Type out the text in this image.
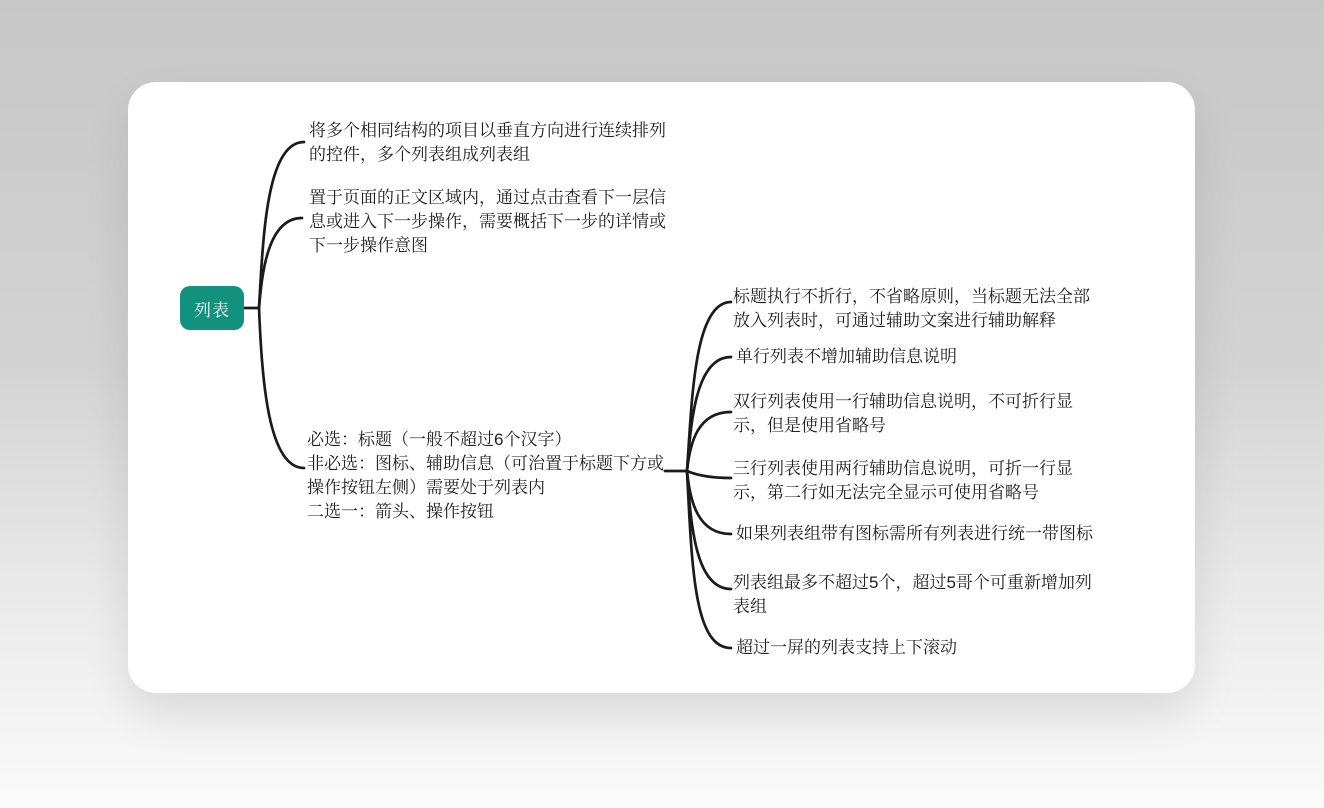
列表
将多个相同结构的项目以垂直方向进行连续排列
的控件，多个列表组成列表组
置于页面的正文区域内，通过点击查看下一层信
息或进入下一步操作，需要概括下一步的详情或
下一步操作意图
必选：标题（一般不超过6个汉字）
非必选：图标、辅助信息（可治置于标题下方或
操作按钮左侧）需要处于列表内
二选一：箭头、操作按钮
标题执行不折行，不省略原则，当标题无法全部
放入列表时，可通过辅助文案进行辅助解释
单行列表不增加辅助信息说明
双行列表使用一行辅助信息说明，不可折行显
示，但是使用省略号
三行列表使用两行辅助信息说明，可折一行显
示，第二行如无法完全显示可使用省略号
如果列表组带有图标需所有列表进行统一带图标
列表组最多不超过5个，超过5哥个可重新增加列
表组
超过一屏的列表支持上下滚动
